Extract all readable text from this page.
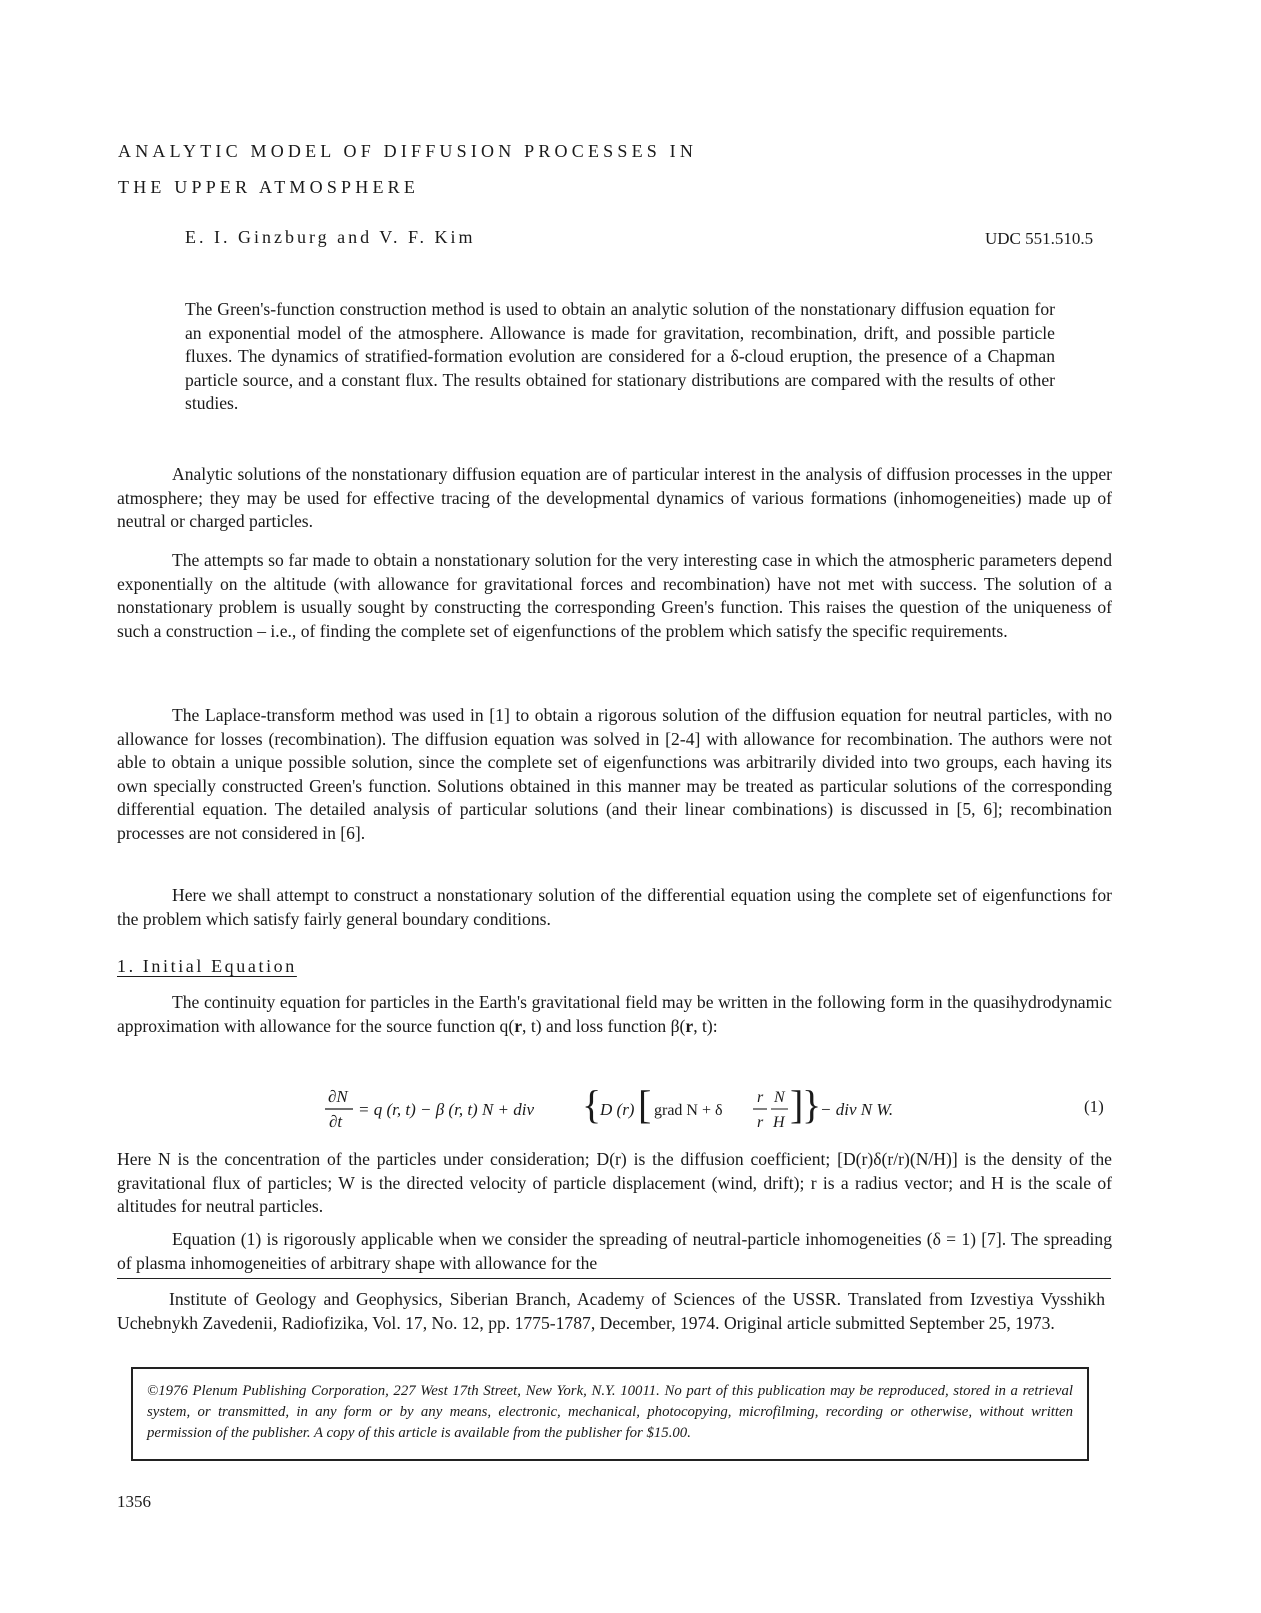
ANALYTIC MODEL OF DIFFUSION PROCESSES IN
THE UPPER ATMOSPHERE
E. I. Ginzburg and V. F. Kim	UDC 551.510.5

The Green's-function construction method is used to obtain an analytic solution of the nonstationary diffusion equation for an exponential model of the atmosphere. Allowance is made for gravitation, recombination, drift, and possible particle fluxes. The dynamics of stratified-formation evolution are considered for a δ-cloud eruption, the presence of a Chapman particle source, and a constant flux. The results obtained for stationary distributions are compared with the results of other studies.

Analytic solutions of the nonstationary diffusion equation are of particular interest in the analysis of diffusion processes in the upper atmosphere; they may be used for effective tracing of the developmental dynamics of various formations (inhomogeneities) made up of neutral or charged particles.

The attempts so far made to obtain a nonstationary solution for the very interesting case in which the atmospheric parameters depend exponentially on the altitude (with allowance for gravitational forces and recombination) have not met with success. The solution of a nonstationary problem is usually sought by constructing the corresponding Green's function. This raises the question of the uniqueness of such a construction – i.e., of finding the complete set of eigenfunctions of the problem which satisfy the specific requirements.

The Laplace-transform method was used in [1] to obtain a rigorous solution of the diffusion equation for neutral particles, with no allowance for losses (recombination). The diffusion equation was solved in [2-4] with allowance for recombination. The authors were not able to obtain a unique possible solution, since the complete set of eigenfunctions was arbitrarily divided into two groups, each having its own specially constructed Green's function. Solutions obtained in this manner may be treated as particular solutions of the corresponding differential equation. The detailed analysis of particular solutions (and their linear combinations) is discussed in [5, 6]; recombination processes are not considered in [6].

Here we shall attempt to construct a nonstationary solution of the differential equation using the complete set of eigenfunctions for the problem which satisfy fairly general boundary conditions.

1. Initial Equation

The continuity equation for particles in the Earth's gravitational field may be written in the following form in the quasihydrodynamic approximation with allowance for the source function q(r, t) and loss function β(r, t):

∂N
∂t
= q (r, t) − β (r, t) N + div {
D (r) [ grad N + δ
r
r
N
H ]
}
− div N W.	(1)

Here N is the concentration of the particles under consideration; D(r) is the diffusion coefficient; [D(r)δ(r/r)(N/H)] is the density of the gravitational flux of particles; W is the directed velocity of particle displacement (wind, drift); r is a radius vector; and H is the scale of altitudes for neutral particles.

Equation (1) is rigorously applicable when we consider the spreading of neutral-particle inhomogeneities (δ = 1) [7]. The spreading of plasma inhomogeneities of arbitrary shape with allowance for the

Institute of Geology and Geophysics, Siberian Branch, Academy of Sciences of the USSR. Translated from Izvestiya Vysshikh Uchebnykh Zavedenii, Radiofizika, Vol. 17, No. 12, pp. 1775-1787, December, 1974. Original article submitted September 25, 1973.

©1976 Plenum Publishing Corporation, 227 West 17th Street, New York, N.Y. 10011. No part of this publication may be reproduced, stored in a retrieval system, or transmitted, in any form or by any means, electronic, mechanical, photocopying, microfilming, recording or otherwise, without written permission of the publisher. A copy of this article is available from the publisher for $15.00.
1356
